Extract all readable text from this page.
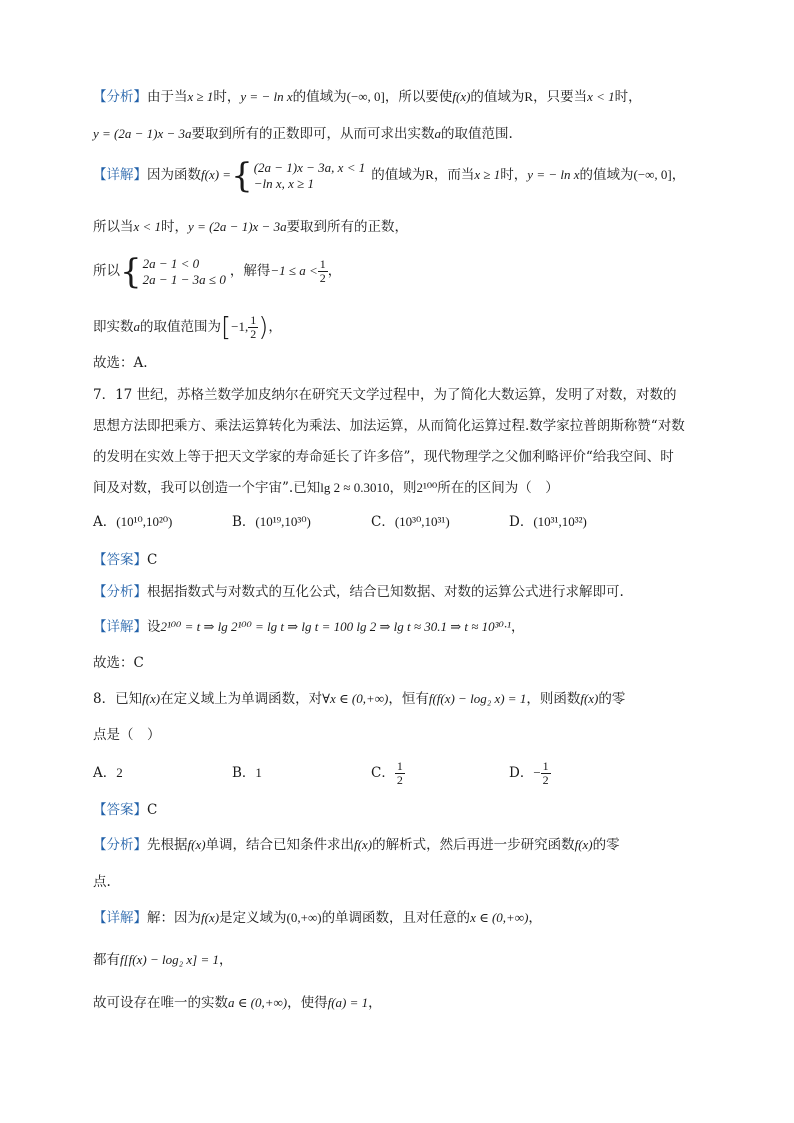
【分析】由于当x ≥ 1时，y = − ln x的值域为(−∞, 0]，所以要使f(x)的值域为R，只要当x < 1时，
y = (2a − 1)x − 3a要取到所有的正数即可，从而可求出实数a的取值范围.
【详解】因为函数f(x) ={ (2a − 1)x − 3a, x < 1
−ln x, x ≥ 1	的值域为R，而当x ≥ 1时，y = − ln x的值域为(−∞, 0]，
所以当x < 1时，y = (2a − 1)x − 3a要取到所有的正数，
所以{ 2a − 1 < 0
2a − 1 − 3a ≤ 0 ，解得$-1 \le a < \frac{1}{2}$ ，
即实数a的取值范围为[−1, $\frac{1}{2}$ )，
故选：A.
7．17 世纪，苏格兰数学加皮纳尔在研究天文学过程中，为了简化大数运算，发明了对数，对数的
思想方法即把乘方、乘法运算转化为乘法、加法运算，从而简化运算过程.数学家拉普朗斯称赞“对数
的发明在实效上等于把天文学家的寿命延长了许多倍”，现代物理学之父伽利略评价“给我空间、时
间及对数，我可以创造一个宇宙”.已知lg 2 ≈ 0.3010，则2¹⁰⁰所在的区间为（　）
A．(10¹⁰,10²⁰)	B．(10¹⁹,10³⁰)	C．(10³⁰,10³¹)	D．(10³¹,10³²)
【答案】C
【分析】根据指数式与对数式的互化公式，结合已知数据、对数的运算公式进行求解即可.
【详解】设2¹⁰⁰ = t ⇒ lg 2¹⁰⁰ = lg t ⇒ lg t = 100 lg 2 ⇒ lg t ≈ 30.1 ⇒ t ≈ 10³⁰·¹，
故选：C
8．已知f(x)在定义域上为单调函数，对∀x ∈ (0,+∞)，恒有f(f(x) − log₂ x) = 1，则函数f(x)的零
点是（　）
A．2	B．1	C． $\frac{1}{2}$	D．− $\frac{1}{2}$
【答案】C
【分析】先根据f(x)单调，结合已知条件求出f(x)的解析式，然后再进一步研究函数f(x)的零
点.
【详解】解：因为f(x)是定义域为(0,+∞)的单调函数，且对任意的x ∈ (0,+∞)，
都有f[f(x) − log₂ x] = 1，
故可设存在唯一的实数a ∈ (0,+∞)，使得f(a) = 1，
